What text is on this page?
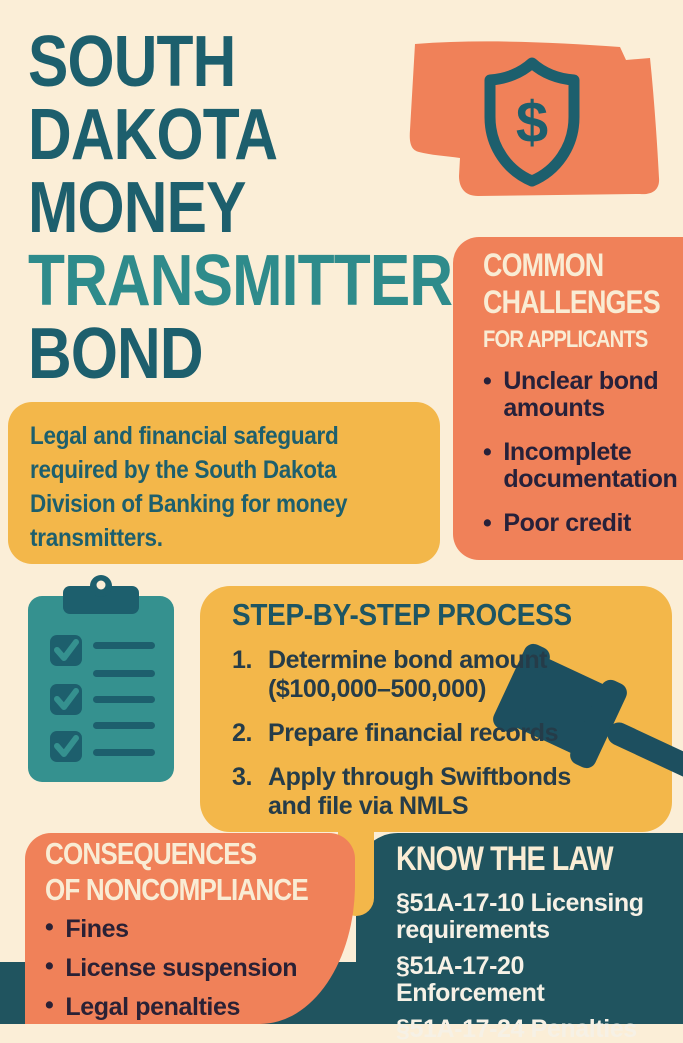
$
SOUTH
DAKOTA
MONEY
TRANSMITTER
BOND
Legal and financial safeguard
required by the South Dakota
Division of Banking for money
transmitters.
COMMON
CHALLENGES
FOR APPLICANTS
• Unclear bond amounts
• Incomplete documentation
• Poor credit
STEP-BY-STEP PROCESS
1. Determine bond amount ($100,000–500,000)
2. Prepare financial records
3. Apply through Swiftbonds and file via NMLS
CONSEQUENCES
OF NONCOMPLIANCE
• Fines
• License suspension
• Legal penalties
KNOW THE LAW
§51A-17-10 Licensing requirements
§51A-17-20 Enforcement
§51A-17-24 Penalties
